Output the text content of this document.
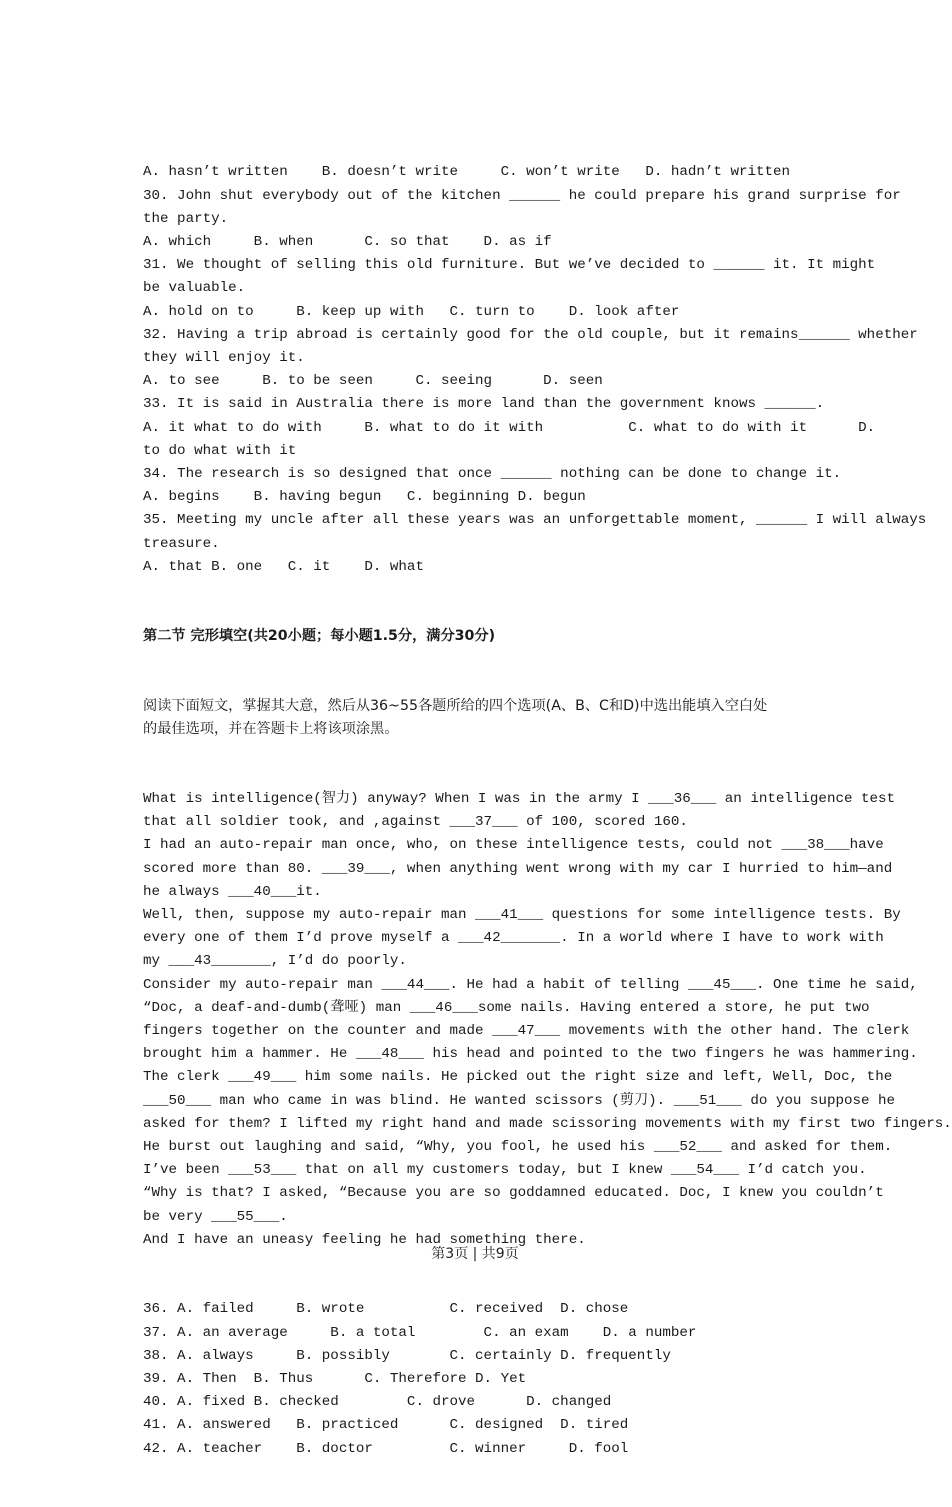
A. hasn’t written    B. doesn’t write     C. won’t write   D. hadn’t written
30. John shut everybody out of the kitchen ______ he could prepare his grand surprise for
the party.
A. which     B. when      C. so that    D. as if
31. We thought of selling this old furniture. But we’ve decided to ______ it. It might
be valuable.
A. hold on to     B. keep up with   C. turn to    D. look after
32. Having a trip abroad is certainly good for the old couple, but it remains______ whether
they will enjoy it.
A. to see     B. to be seen     C. seeing      D. seen
33. It is said in Australia there is more land than the government knows ______.
A. it what to do with     B. what to do it with          C. what to do with it      D.
to do what with it
34. The research is so designed that once ______ nothing can be done to change it.
A. begins    B. having begun   C. beginning D. begun
35. Meeting my uncle after all these years was an unforgettable moment, ______ I will always
treasure.
A. that B. one   C. it    D. what

第二节 完形填空(共20小题；每小题1.5分，满分30分)

阅读下面短文，掌握其大意，然后从36~55各题所给的四个选项(A、B、C和D)中选出能填入空白处
的最佳选项，并在答题卡上将该项涂黑。

What is intelligence(智力) anyway? When I was in the army I ___36___ an intelligence test
that all soldier took, and ,against ___37___ of 100, scored 160.
I had an auto-repair man once, who, on these intelligence tests, could not ___38___have
scored more than 80. ___39___, when anything went wrong with my car I hurried to him—and
he always ___40___it.
Well, then, suppose my auto-repair man ___41___ questions for some intelligence tests. By
every one of them I’d prove myself a ___42_______. In a world where I have to work with
my ___43_______, I’d do poorly.
Consider my auto-repair man ___44___. He had a habit of telling ___45___. One time he said,
“Doc, a deaf-and-dumb(聋哑) man ___46___some nails. Having entered a store, he put two
fingers together on the counter and made ___47___ movements with the other hand. The clerk
brought him a hammer. He ___48___ his head and pointed to the two fingers he was hammering.
The clerk ___49___ him some nails. He picked out the right size and left, Well, Doc, the
___50___ man who came in was blind. He wanted scissors (剪刀). ___51___ do you suppose he
asked for them? I lifted my right hand and made scissoring movements with my first two fingers.
He burst out laughing and said, “Why, you fool, he used his ___52___ and asked for them.
I’ve been ___53___ that on all my customers today, but I knew ___54___ I’d catch you.
“Why is that? I asked, “Because you are so goddamned educated. Doc, I knew you couldn’t
be very ___55___.
And I have an uneasy feeling he had something there.

36. A. failed     B. wrote          C. received  D. chose
37. A. an average     B. a total        C. an exam    D. a number
38. A. always     B. possibly       C. certainly D. frequently
39. A. Then  B. Thus      C. Therefore D. Yet
40. A. fixed B. checked        C. drove      D. changed
41. A. answered   B. practiced      C. designed  D. tired
42. A. teacher    B. doctor         C. winner     D. fool

第3页 | 共9页
